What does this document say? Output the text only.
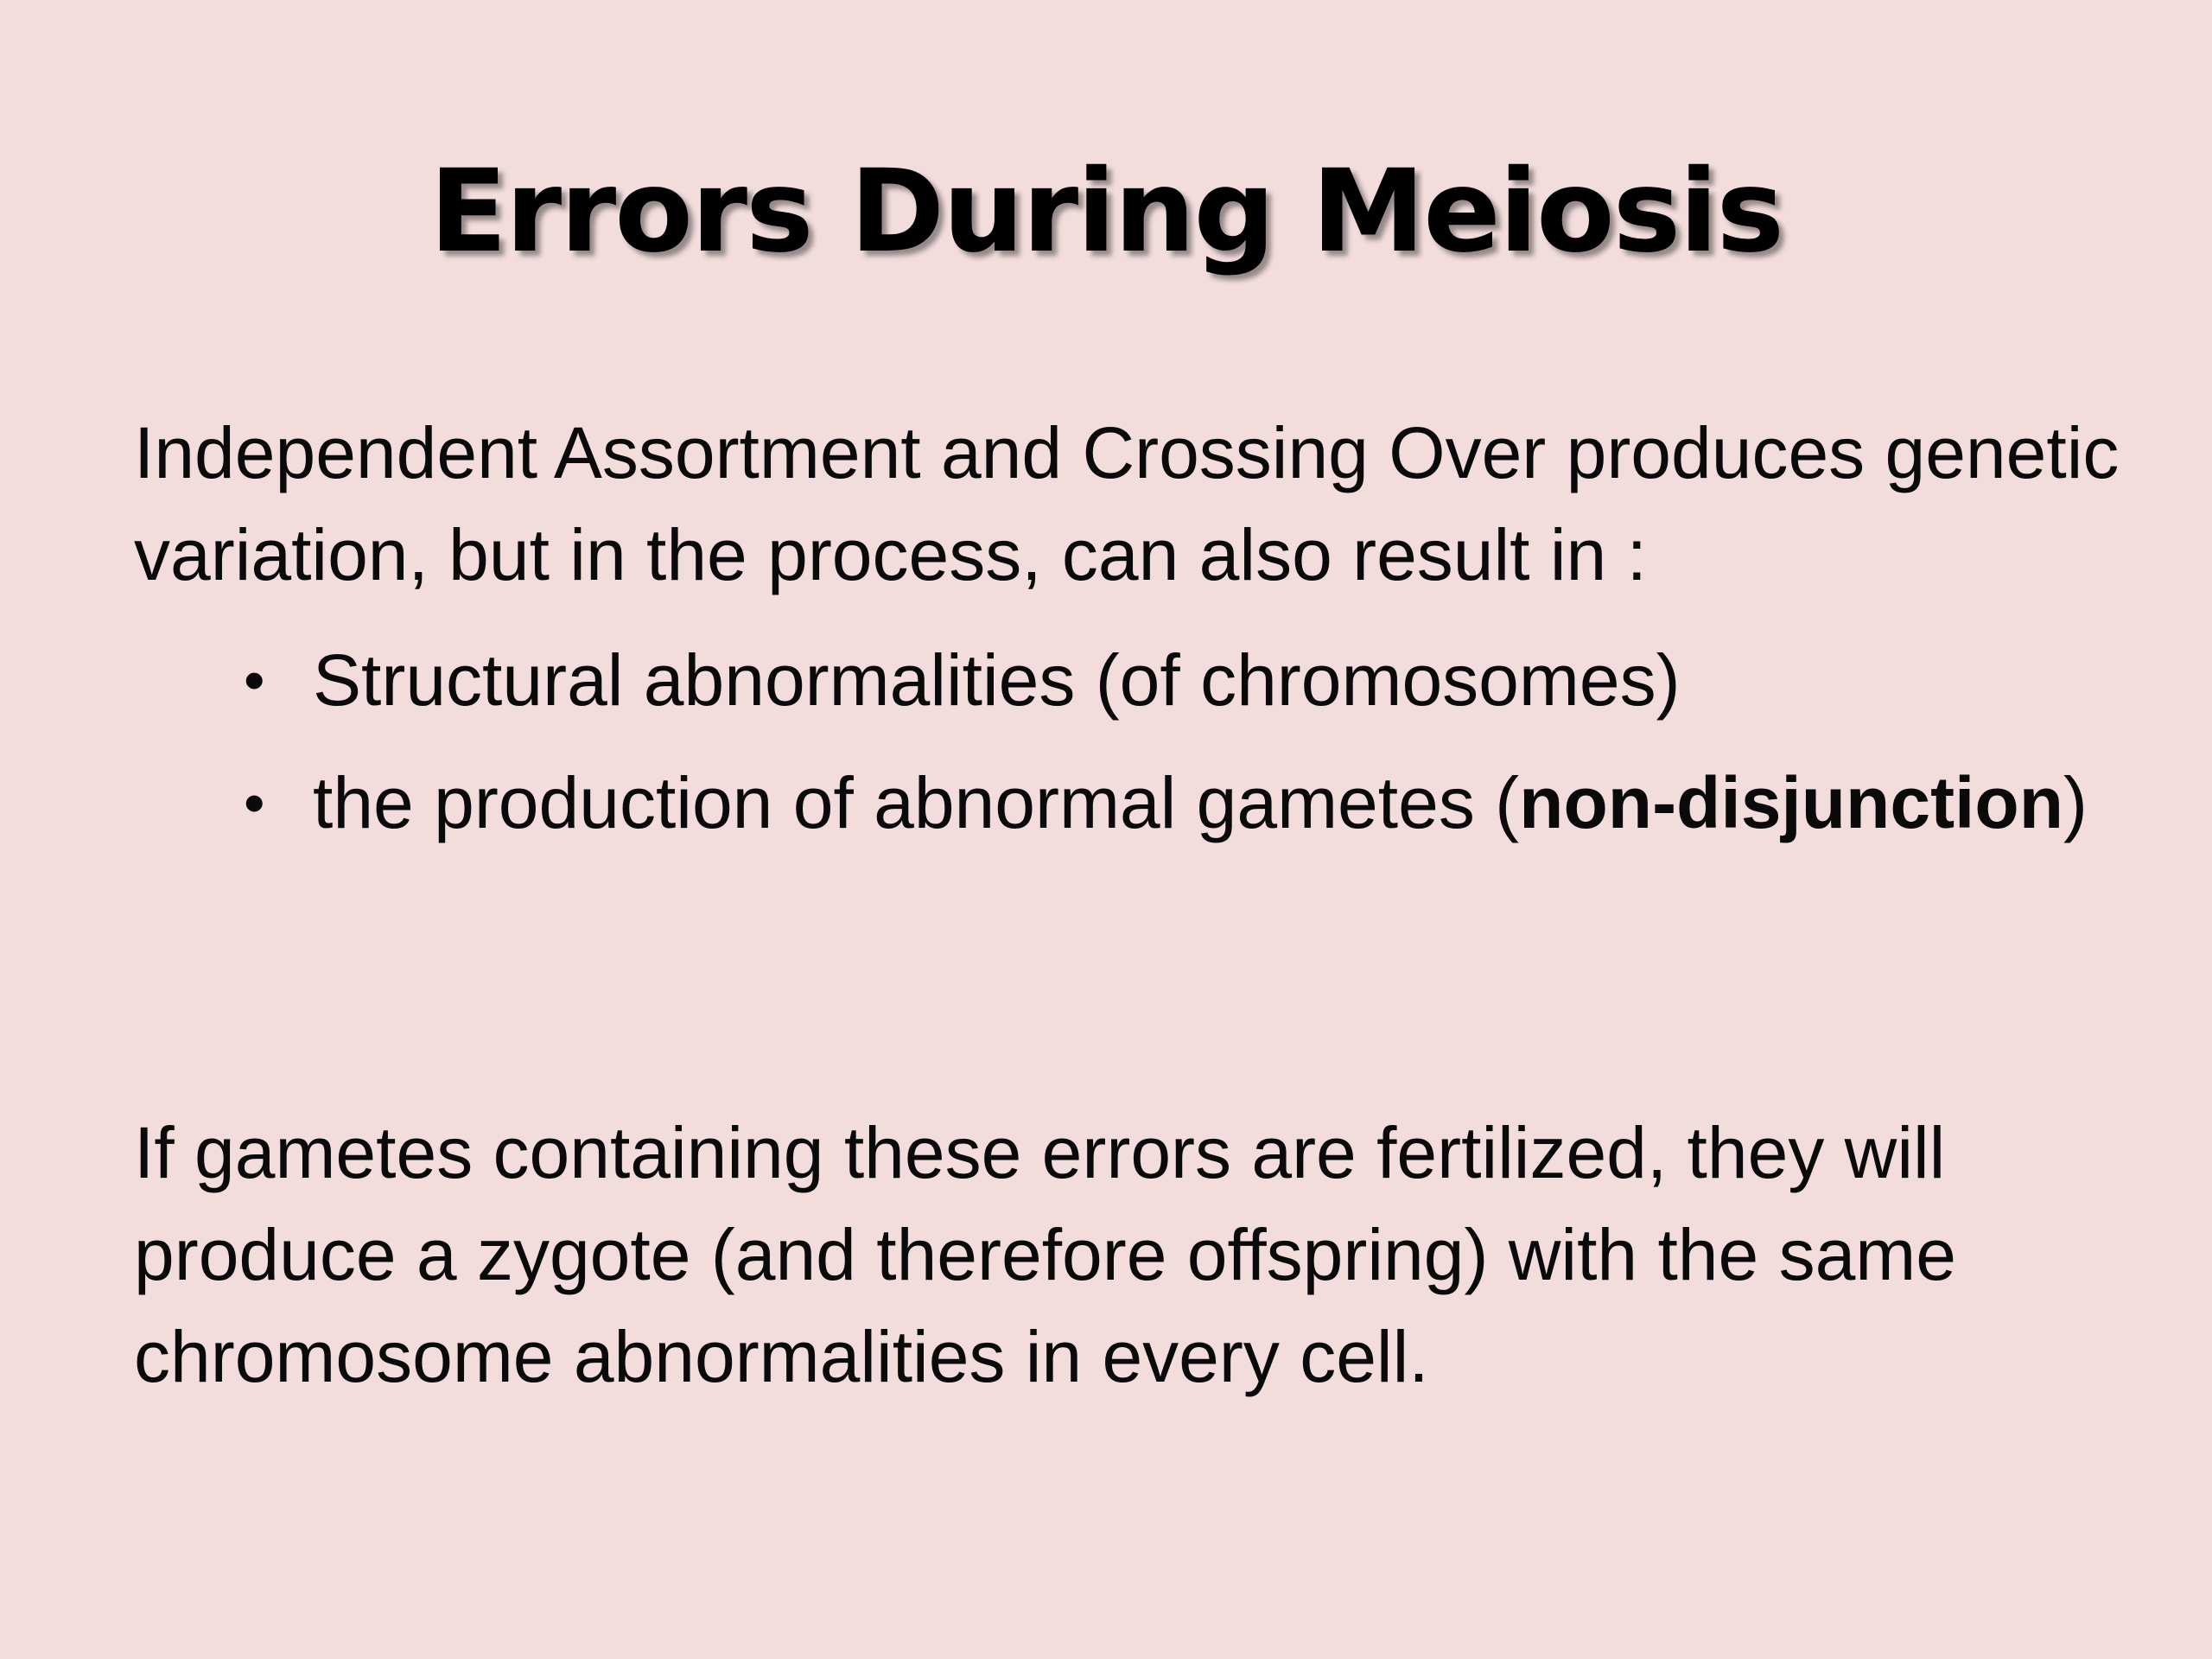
Errors During Meiosis

Independent Assortment and Crossing Over produces genetic variation, but in the process, can also result in :

• Structural abnormalities (of chromosomes)
• the production of abnormal gametes (non-disjunction)

If gametes containing these errors are fertilized, they will produce a zygote (and therefore offspring) with the same chromosome abnormalities in every cell.
